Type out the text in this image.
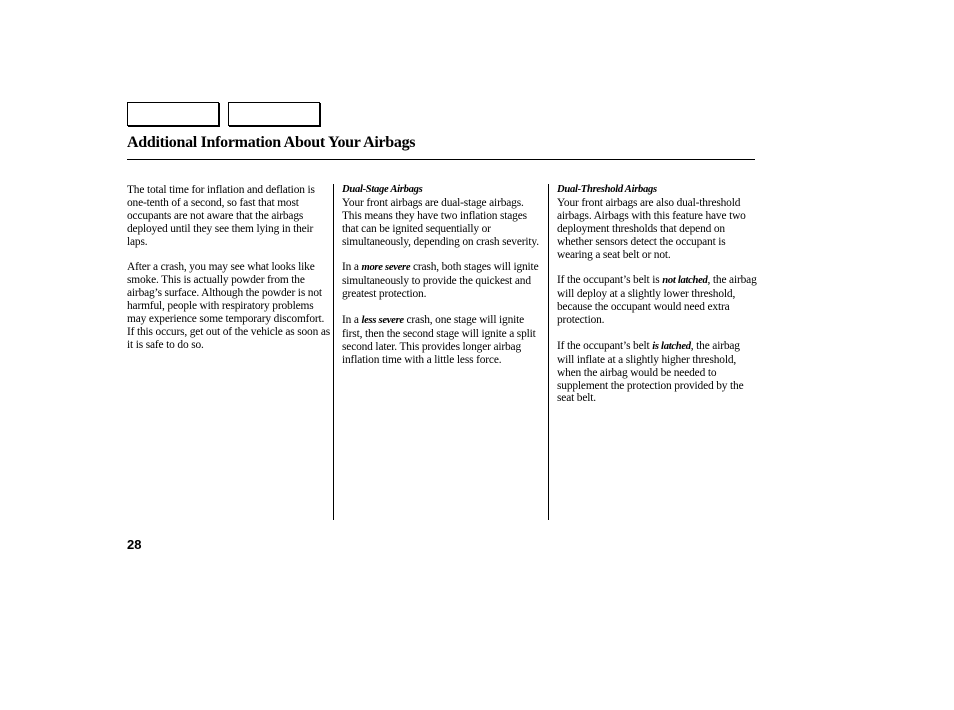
Additional Information About Your Airbags

The total time for inflation and deflation is one-tenth of a second, so fast that most occupants are not aware that the airbags deployed until they see them lying in their laps.

After a crash, you may see what looks like smoke. This is actually powder from the airbag’s surface. Although the powder is not harmful, people with respiratory problems may experience some temporary discomfort. If this occurs, get out of the vehicle as soon as it is safe to do so.

Dual-Stage Airbags
Your front airbags are dual-stage airbags. This means they have two inflation stages that can be ignited sequentially or simultaneously, depending on crash severity.

In a more severe crash, both stages will ignite simultaneously to provide the quickest and greatest protection.

In a less severe crash, one stage will ignite first, then the second stage will ignite a split second later. This provides longer airbag inflation time with a little less force.

Dual-Threshold Airbags
Your front airbags are also dual-threshold airbags. Airbags with this feature have two deployment thresholds that depend on whether sensors detect the occupant is wearing a seat belt or not.

If the occupant’s belt is not latched, the airbag will deploy at a slightly lower threshold, because the occupant would need extra protection.

If the occupant’s belt is latched, the airbag will inflate at a slightly higher threshold, when the airbag would be needed to supplement the protection provided by the seat belt.

28
